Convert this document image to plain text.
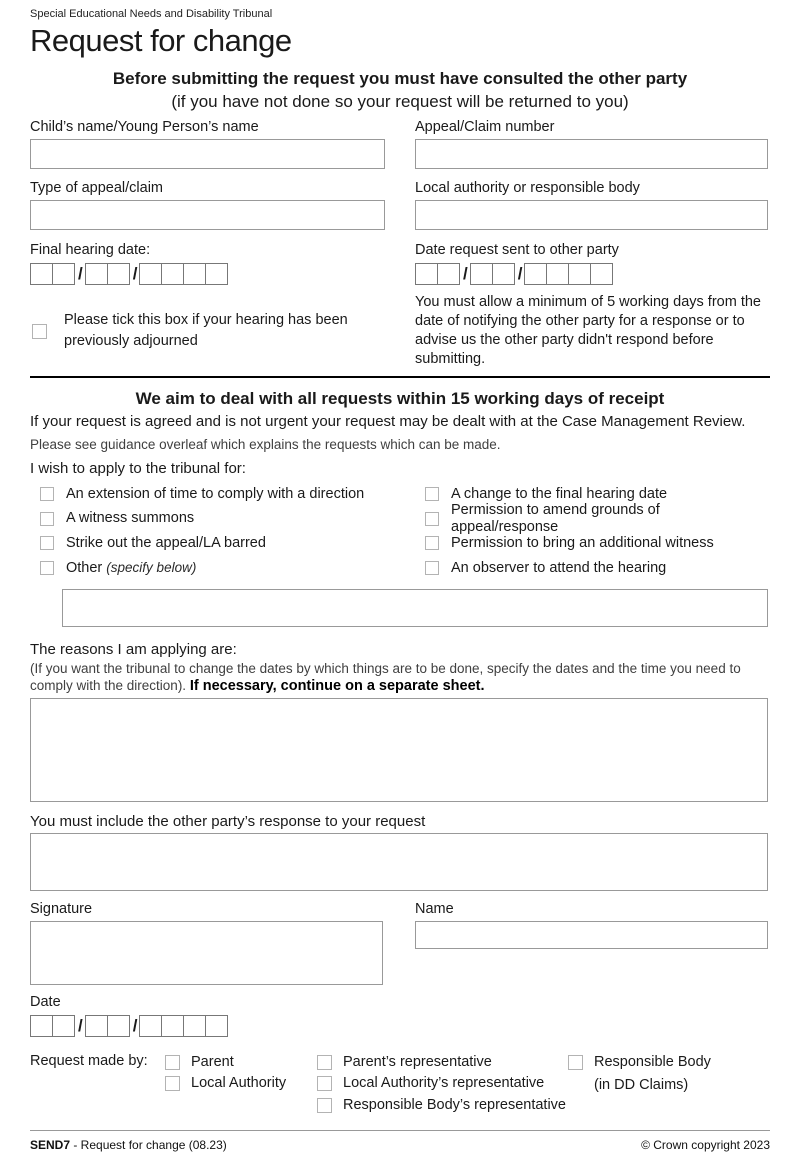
Special Educational Needs and Disability Tribunal
Request for change
Before submitting the request you must have consulted the other party
(if you have not done so your request will be returned to you)
Child’s name/Young Person’s name	Appeal/Claim number
Type of appeal/claim	Local authority or responsible body
Final hearing date:
/	/
Date request sent to other party
/	/
Please tick this box if your hearing has been previously adjourned
You must allow a minimum of 5 working days from the date of notifying the other party for a response or to advise us the other party didn't respond before submitting.
We aim to deal with all requests within 15 working days of receipt
If your request is agreed and is not urgent your request may be dealt with at the Case Management Review.
Please see guidance overleaf which explains the requests which can be made.
I wish to apply to the tribunal for:
An extension of time to comply with a direction
A witness summons
Strike out the appeal/LA barred
Other (specify below)
A change to the final hearing date
Permission to amend grounds of appeal/response
Permission to bring an additional witness
An observer to attend the hearing
The reasons I am applying are:
(If you want the tribunal to change the dates by which things are to be done, specify the dates and the time you need to comply with the direction). If necessary, continue on a separate sheet.
You must include the other party’s response to your request
Signature	Name
Date
/	/
Request made by:	Parent
Local Authority
Parent’s representative
Local Authority’s representative
Responsible Body’s representative
Responsible Body
(in DD Claims)
SEND7 - Request for change (08.23)	© Crown copyright 2023
